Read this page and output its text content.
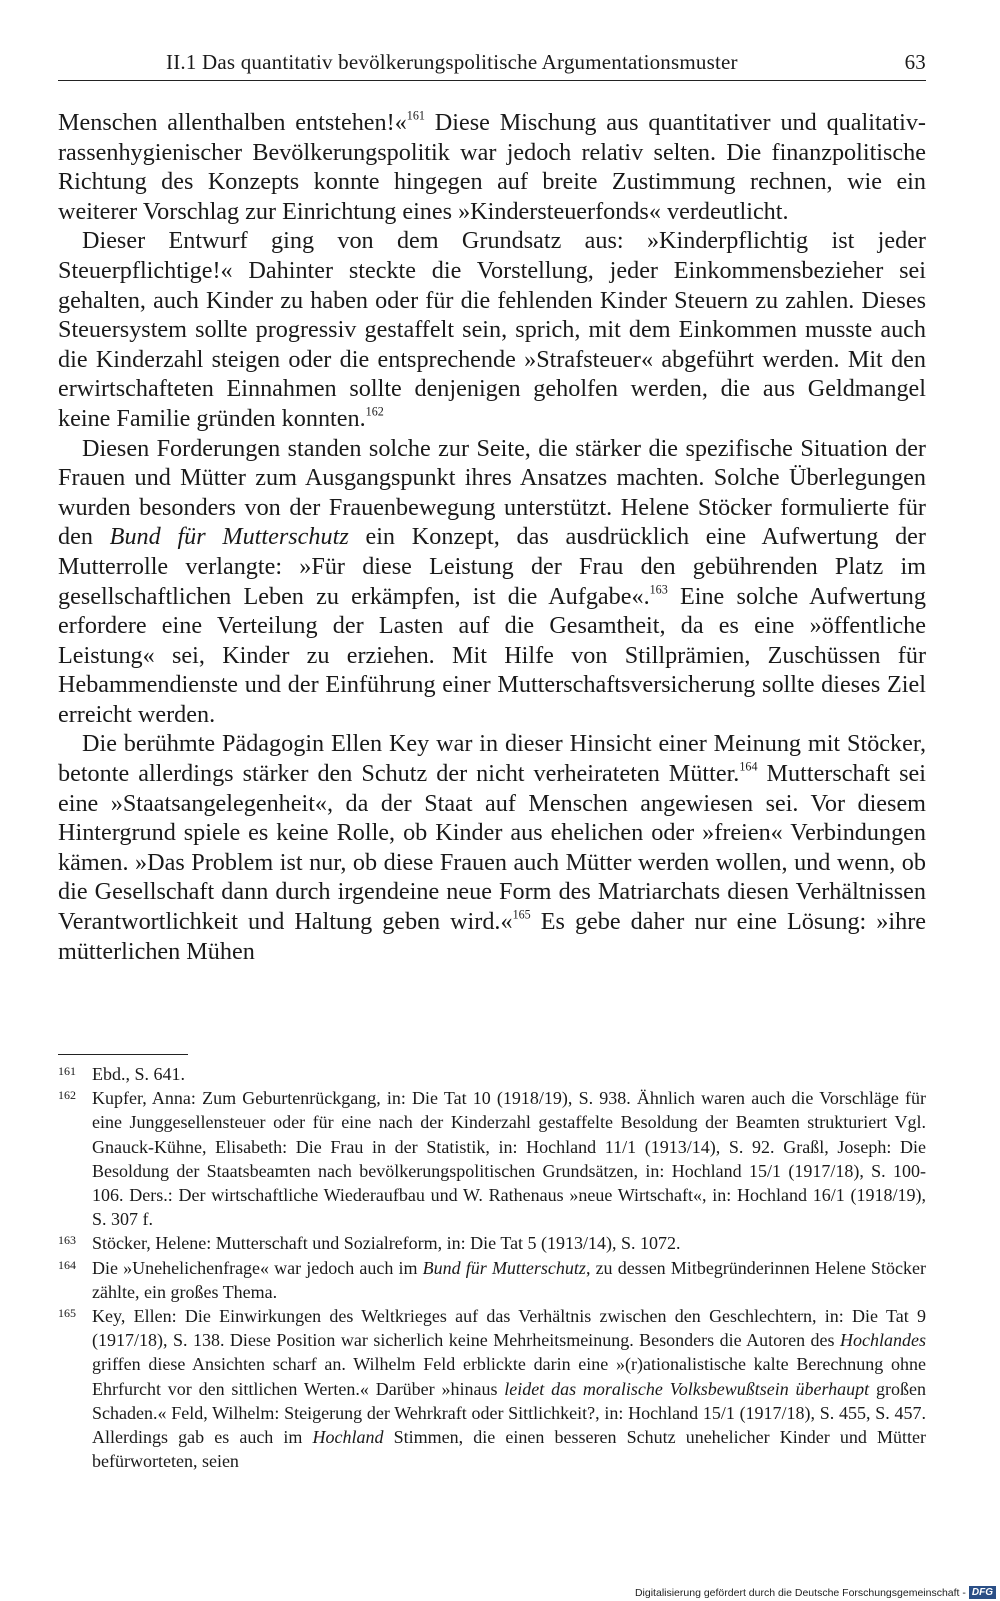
II.1 Das quantitativ bevölkerungspolitische Argumentationsmuster	63

Menschen allenthalben entstehen!«$^{161}$ Diese Mischung aus quantitativer und qualitativ-rassenhygienischer Bevölkerungspolitik war jedoch relativ selten. Die finanzpolitische Richtung des Konzepts konnte hingegen auf breite Zustimmung rechnen, wie ein weiterer Vorschlag zur Einrichtung eines »Kindersteuerfonds« verdeutlicht.

Dieser Entwurf ging von dem Grundsatz aus: »Kinderpflichtig ist jeder Steuerpflichtige!« Dahinter steckte die Vorstellung, jeder Einkommensbezieher sei gehalten, auch Kinder zu haben oder für die fehlenden Kinder Steuern zu zahlen. Dieses Steuersystem sollte progressiv gestaffelt sein, sprich, mit dem Einkommen musste auch die Kinderzahl steigen oder die entsprechende »Strafsteuer« abgeführt werden. Mit den erwirtschafteten Einnahmen sollte denjenigen geholfen werden, die aus Geldmangel keine Familie gründen konnten.$^{162}$

Diesen Forderungen standen solche zur Seite, die stärker die spezifische Situation der Frauen und Mütter zum Ausgangspunkt ihres Ansatzes machten. Solche Überlegungen wurden besonders von der Frauenbewegung unterstützt. Helene Stöcker formulierte für den Bund für Mutterschutz ein Konzept, das ausdrücklich eine Aufwertung der Mutterrolle verlangte: »Für diese Leistung der Frau den gebührenden Platz im gesellschaftlichen Leben zu erkämpfen, ist die Aufgabe«.$^{163}$ Eine solche Aufwertung erfordere eine Verteilung der Lasten auf die Gesamtheit, da es eine »öffentliche Leistung« sei, Kinder zu erziehen. Mit Hilfe von Stillprämien, Zuschüssen für Hebammendienste und der Einführung einer Mutterschaftsversicherung sollte dieses Ziel erreicht werden.

Die berühmte Pädagogin Ellen Key war in dieser Hinsicht einer Meinung mit Stöcker, betonte allerdings stärker den Schutz der nicht verheirateten Mütter.$^{164}$ Mutterschaft sei eine »Staatsangelegenheit«, da der Staat auf Menschen angewiesen sei. Vor diesem Hintergrund spiele es keine Rolle, ob Kinder aus ehelichen oder »freien« Verbindungen kämen. »Das Problem ist nur, ob diese Frauen auch Mütter werden wollen, und wenn, ob die Gesellschaft dann durch irgendeine neue Form des Matriarchats diesen Verhältnissen Verantwortlichkeit und Haltung geben wird.«$^{165}$ Es gebe daher nur eine Lösung: »ihre mütterlichen Mühen

161 Ebd., S. 641.

162 Kupfer, Anna: Zum Geburtenrückgang, in: Die Tat 10 (1918/19), S. 938. Ähnlich waren auch die Vorschläge für eine Junggesellensteuer oder für eine nach der Kinderzahl gestaffelte Besoldung der Beamten strukturiert Vgl. Gnauck-Kühne, Elisabeth: Die Frau in der Statistik, in: Hochland 11/1 (1913/14), S. 92. Graßl, Joseph: Die Besoldung der Staatsbeamten nach bevölkerungspolitischen Grundsätzen, in: Hochland 15/1 (1917/18), S. 100-106. Ders.: Der wirtschaftliche Wiederaufbau und W. Rathenaus »neue Wirtschaft«, in: Hochland 16/1 (1918/19), S. 307 f.

163 Stöcker, Helene: Mutterschaft und Sozialreform, in: Die Tat 5 (1913/14), S. 1072.

164 Die »Unehelichenfrage« war jedoch auch im Bund für Mutterschutz, zu dessen Mitbegründerinnen Helene Stöcker zählte, ein großes Thema.

165 Key, Ellen: Die Einwirkungen des Weltkrieges auf das Verhältnis zwischen den Geschlechtern, in: Die Tat 9 (1917/18), S. 138. Diese Position war sicherlich keine Mehrheitsmeinung. Besonders die Autoren des Hochlandes griffen diese Ansichten scharf an. Wilhelm Feld erblickte darin eine »(r)ationalistische kalte Berechnung ohne Ehrfurcht vor den sittlichen Werten.« Darüber »hinaus leidet das moralische Volksbewußtsein überhaupt großen Schaden.« Feld, Wilhelm: Steigerung der Wehrkraft oder Sittlichkeit?, in: Hochland 15/1 (1917/18), S. 455, S. 457. Allerdings gab es auch im Hochland Stimmen, die einen besseren Schutz unehelicher Kinder und Mütter befürworteten, seien

Digitalisierung gefördert durch die Deutsche Forschungsgemeinschaft - DFG
